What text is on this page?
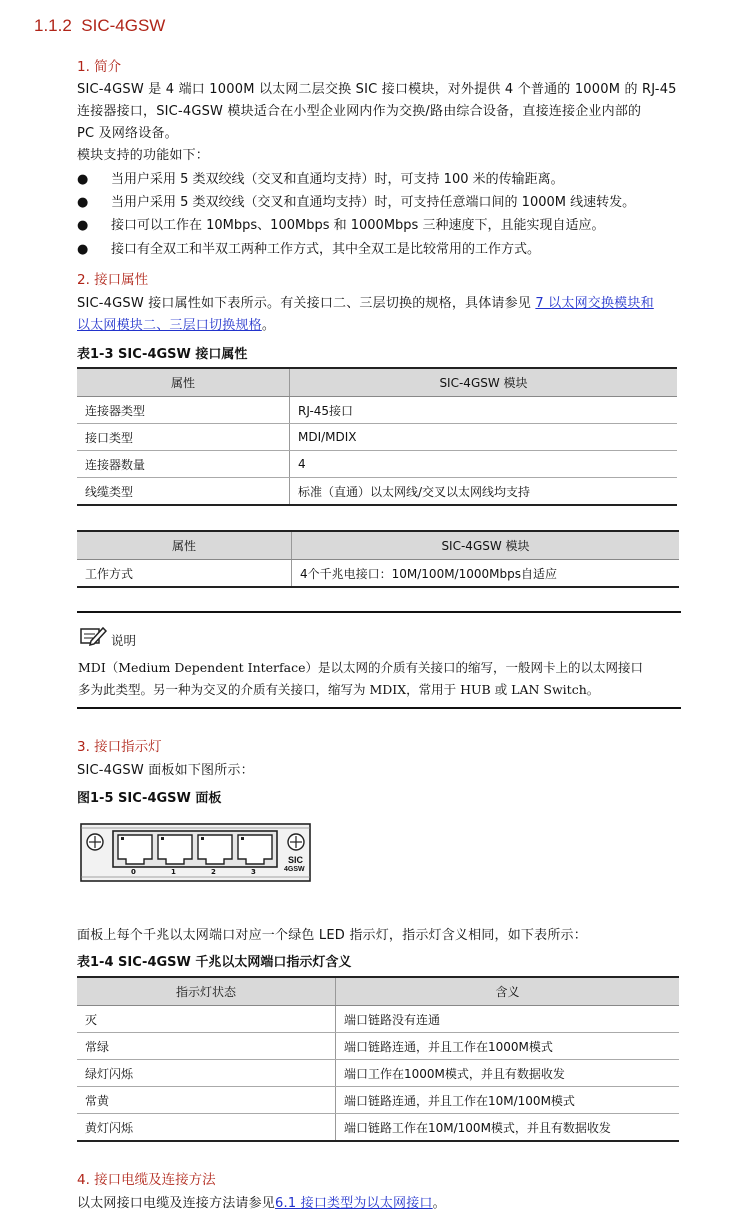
1.1.2 SIC-4GSW
1. 简介
SIC-4GSW 是 4 端口 1000M 以太网二层交换 SIC 接口模块，对外提供 4 个普通的 1000M 的 RJ-45
连接器接口，SIC-4GSW 模块适合在小型企业网内作为交换/路由综合设备，直接连接企业内部的
PC 及网络设备。
模块支持的功能如下：
● 当用户采用 5 类双绞线（交叉和直通均支持）时，可支持 100 米的传输距离。
● 当用户采用 5 类双绞线（交叉和直通均支持）时，可支持任意端口间的 1000M 线速转发。
● 接口可以工作在 10Mbps、100Mbps 和 1000Mbps 三种速度下，且能实现自适应。
● 接口有全双工和半双工两种工作方式，其中全双工是比较常用的工作方式。
2. 接口属性
SIC-4GSW 接口属性如下表所示。有关接口二、三层切换的规格，具体请参见 7 以太网交换模块和
以太网模块二、三层口切换规格。
表1-3 SIC-4GSW 接口属性
属性	SIC-4GSW 模块
连接器类型	RJ-45接口
接口类型	MDI/MDIX
连接器数量	4
线缆类型	标准（直通）以太网线/交叉以太网线均支持
属性	SIC-4GSW 模块
工作方式	4个千兆电接口：10M/100M/1000Mbps自适应
说明
MDI（Medium Dependent Interface）是以太网的介质有关接口的缩写，一般网卡上的以太网接口
多为此类型。另一种为交叉的介质有关接口，缩写为 MDIX，常用于 HUB 或 LAN Switch。
3. 接口指示灯
SIC-4GSW 面板如下图所示：
图1-5 SIC-4GSW 面板
0	1	2	3
SIC
4GSW
面板上每个千兆以太网端口对应一个绿色 LED 指示灯，指示灯含义相同，如下表所示：
表1-4 SIC-4GSW 千兆以太网端口指示灯含义
指示灯状态	含义
灭	端口链路没有连通
常绿	端口链路连通，并且工作在1000M模式
绿灯闪烁	端口工作在1000M模式，并且有数据收发
常黄	端口链路连通，并且工作在10M/100M模式
黄灯闪烁	端口链路工作在10M/100M模式，并且有数据收发
4. 接口电缆及连接方法
以太网接口电缆及连接方法请参见6.1 接口类型为以太网接口。
